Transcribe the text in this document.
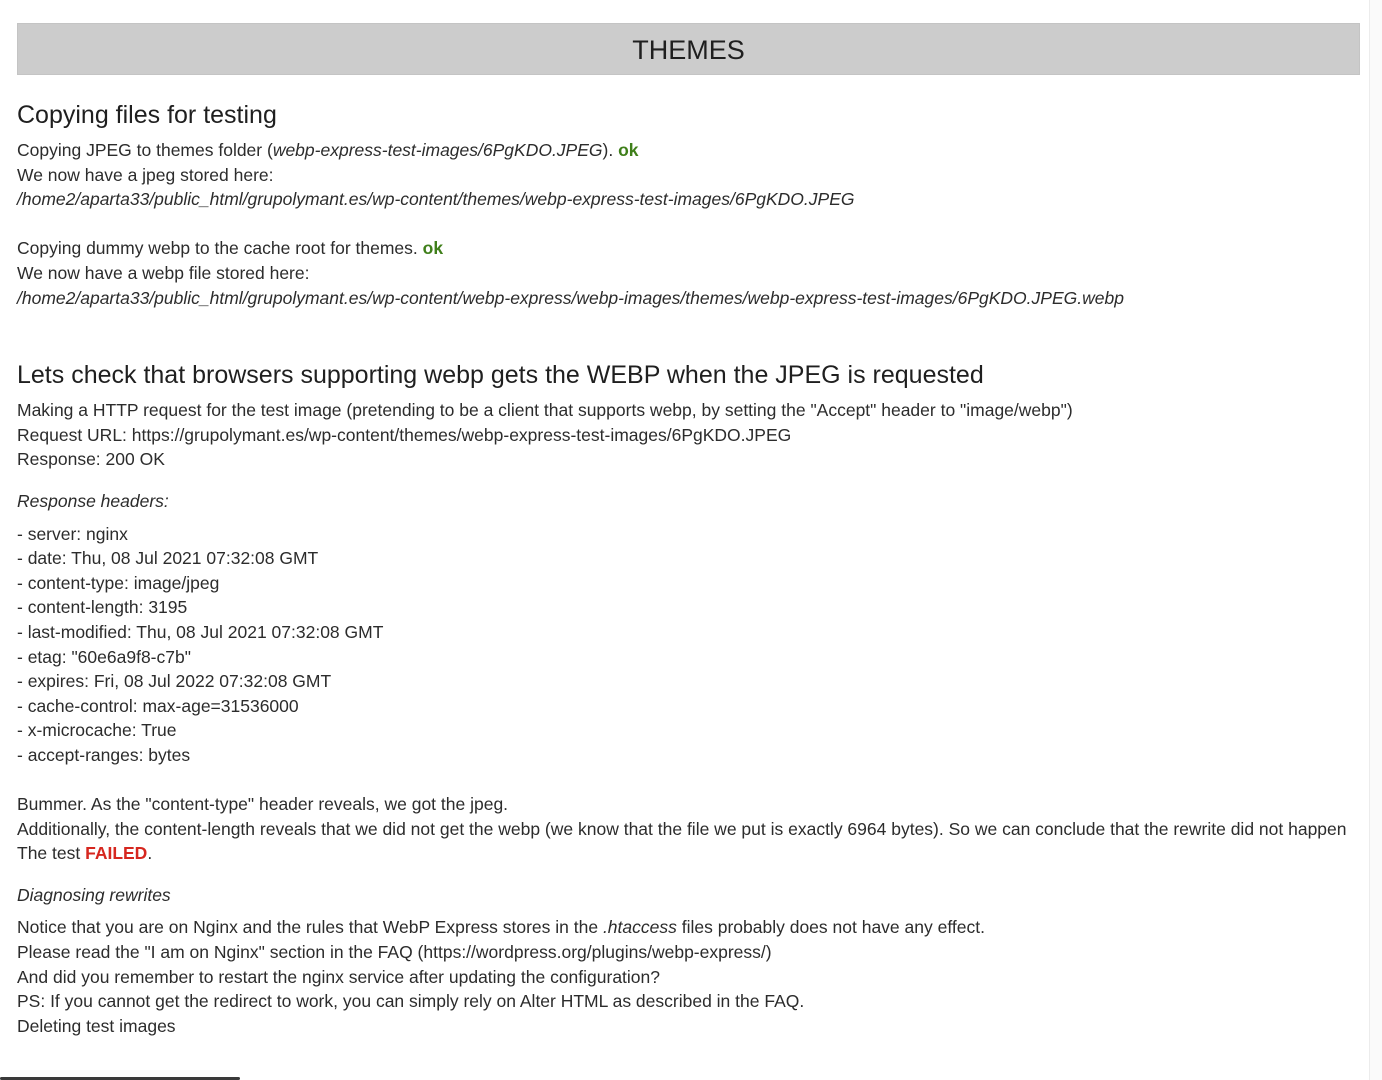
THEMES
Copying files for testing
Copying JPEG to themes folder (webp-express-test-images/6PgKDO.JPEG). ok
We now have a jpeg stored here:
/home2/aparta33/public_html/grupolymant.es/wp-content/themes/webp-express-test-images/6PgKDO.JPEG
Copying dummy webp to the cache root for themes. ok
We now have a webp file stored here:
/home2/aparta33/public_html/grupolymant.es/wp-content/webp-express/webp-images/themes/webp-express-test-images/6PgKDO.JPEG.webp
Lets check that browsers supporting webp gets the WEBP when the JPEG is requested
Making a HTTP request for the test image (pretending to be a client that supports webp, by setting the "Accept" header to "image/webp")
Request URL: https://grupolymant.es/wp-content/themes/webp-express-test-images/6PgKDO.JPEG
Response: 200 OK
Response headers:
- server: nginx
- date: Thu, 08 Jul 2021 07:32:08 GMT
- content-type: image/jpeg
- content-length: 3195
- last-modified: Thu, 08 Jul 2021 07:32:08 GMT
- etag: "60e6a9f8-c7b"
- expires: Fri, 08 Jul 2022 07:32:08 GMT
- cache-control: max-age=31536000
- x-microcache: True
- accept-ranges: bytes
Bummer. As the "content-type" header reveals, we got the jpeg.
Additionally, the content-length reveals that we did not get the webp (we know that the file we put is exactly 6964 bytes). So we can conclude that the rewrite did not happen
The test FAILED.
Diagnosing rewrites
Notice that you are on Nginx and the rules that WebP Express stores in the .htaccess files probably does not have any effect.
Please read the "I am on Nginx" section in the FAQ (https://wordpress.org/plugins/webp-express/)
And did you remember to restart the nginx service after updating the configuration?
PS: If you cannot get the redirect to work, you can simply rely on Alter HTML as described in the FAQ.
Deleting test images
